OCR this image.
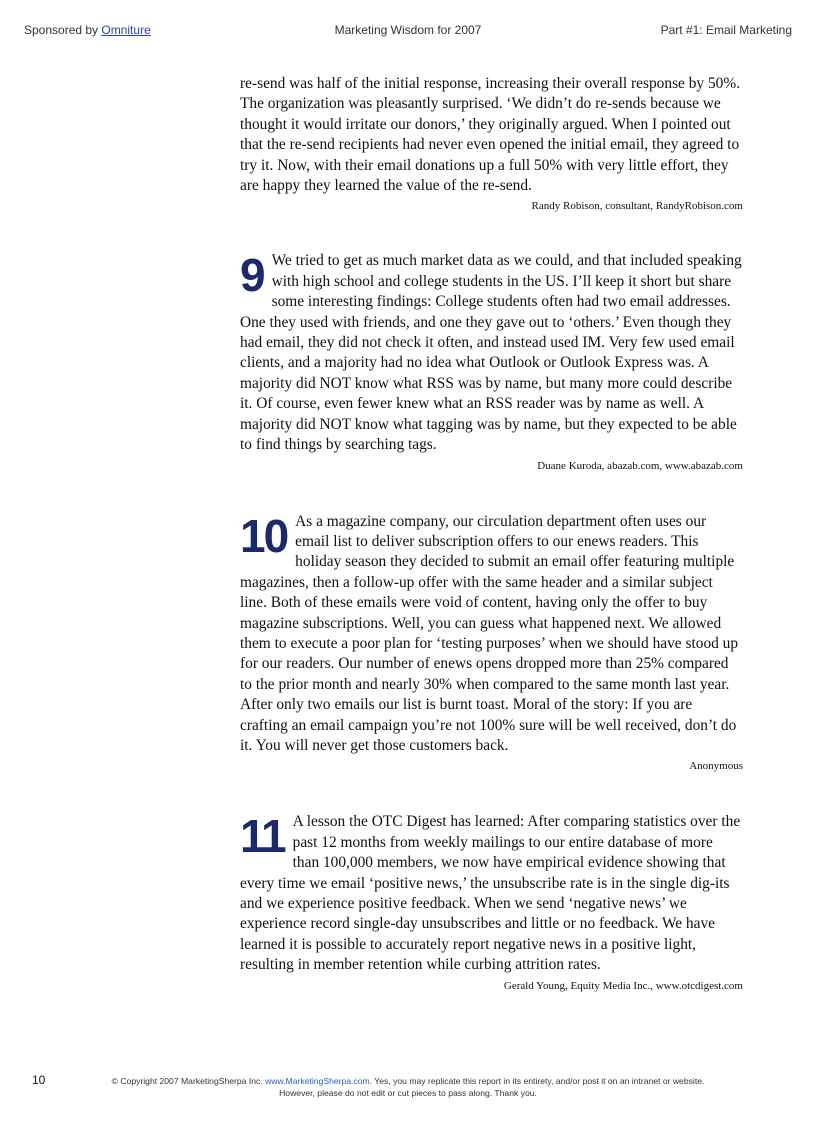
Sponsored by Omniture	Marketing Wisdom for 2007	Part #1: Email Marketing

re-send was half of the initial response, increasing their overall response by 50%. The organization was pleasantly surprised. ‘We didn’t do re-sends because we thought it would irritate our donors,’ they originally argued. When I pointed out that the re-send recipients had never even opened the initial email, they agreed to try it. Now, with their email donations up a full 50% with very little effort, they are happy they learned the value of the re-send.

Randy Robison, consultant, RandyRobison.com

9 We tried to get as much market data as we could, and that included speaking with high school and college students in the US. I’ll keep it short but share some interesting findings: College students often had two email addresses. One they used with friends, and one they gave out to ‘others.’ Even though they had email, they did not check it often, and instead used IM. Very few used email clients, and a majority had no idea what Outlook or Outlook Express was. A majority did NOT know what RSS was by name, but many more could describe it. Of course, even fewer knew what an RSS reader was by name as well. A majority did NOT know what tagging was by name, but they expected to be able to find things by searching tags.

Duane Kuroda, abazab.com, www.abazab.com

10 As a magazine company, our circulation department often uses our email list to deliver subscription offers to our enews readers. This holiday season they decided to submit an email offer featuring multiple magazines, then a follow-up offer with the same header and a similar subject line. Both of these emails were void of content, having only the offer to buy magazine subscriptions. Well, you can guess what happened next. We allowed them to execute a poor plan for ‘testing purposes’ when we should have stood up for our readers. Our number of enews opens dropped more than 25% compared to the prior month and nearly 30% when compared to the same month last year. After only two emails our list is burnt toast. Moral of the story: If you are crafting an email campaign you’re not 100% sure will be well received, don’t do it. You will never get those customers back.

Anonymous

11 A lesson the OTC Digest has learned: After comparing statistics over the past 12 months from weekly mailings to our entire database of more than 100,000 members, we now have empirical evidence showing that every time we email ‘positive news,’ the unsubscribe rate is in the single dig-its and we experience positive feedback. When we send ‘negative news’ we experience record single-day unsubscribes and little or no feedback. We have learned it is possible to accurately report negative news in a positive light, resulting in member retention while curbing attrition rates.

Gerald Young, Equity Media Inc., www.otcdigest.com
10	© Copyright 2007 MarketingSherpa Inc. www.MarketingSherpa.com. Yes, you may replicate this report in its entirety, and/or post it on an intranet or website.
However, please do not edit or cut pieces to pass along. Thank you.
